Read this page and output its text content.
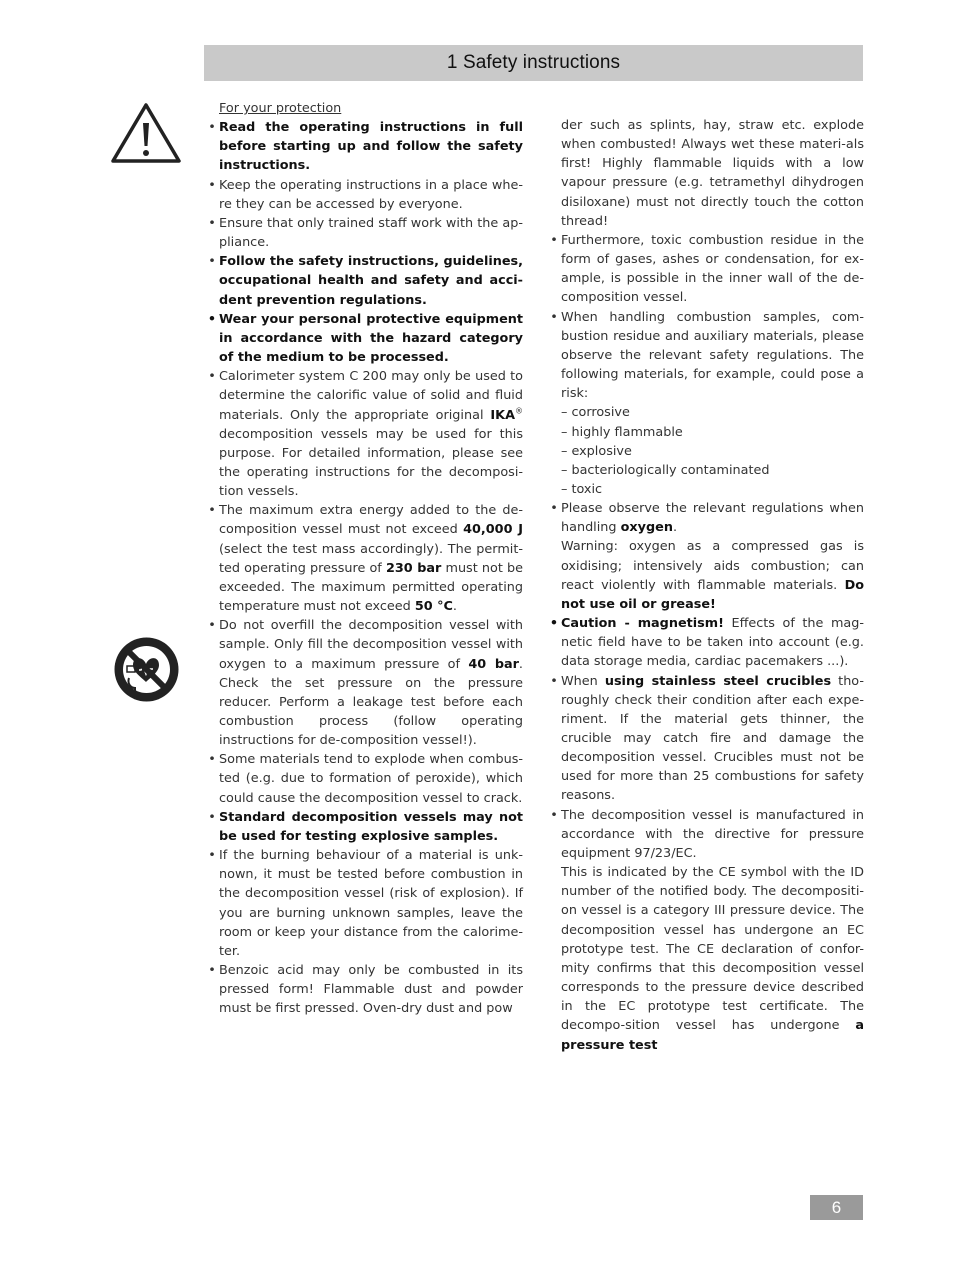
1 Safety instructions
For your protection
• Read the operating instructions in full before starting up and follow the safety instructions.
• Keep the operating instructions in a place whe-re they can be accessed by everyone.
• Ensure that only trained staff work with the ap-pliance.
• Follow the safety instructions, guidelines, occupational health and safety and acci-dent prevention regulations.
• Wear your personal protective equipment in accordance with the hazard category of the medium to be processed.
• Calorimeter system C 200 may only be used to determine the calorific value of solid and fluid materials. Only the appropriate original IKA® decomposition vessels may be used for this purpose. For detailed information, please see the operating instructions for the decomposi-tion vessels.
• The maximum extra energy added to the de-composition vessel must not exceed 40,000 J (select the test mass accordingly). The permit-ted operating pressure of 230 bar must not be exceeded. The maximum permitted operating temperature must not exceed 50 °C.
• Do not overfill the decomposition vessel with sample. Only fill the decomposition vessel with oxygen to a maximum pressure of 40 bar. Check the set pressure on the pressure reducer. Perform a leakage test before each combustion process (follow operating instructions for de-composition vessel!).
• Some materials tend to explode when combus-ted (e.g. due to formation of peroxide), which could cause the decomposition vessel to crack.
• Standard decomposition vessels may not be used for testing explosive samples.
• If the burning behaviour of a material is unk-nown, it must be tested before combustion in the decomposition vessel (risk of explosion). If you are burning unknown samples, leave the room or keep your distance from the calorime-ter.
• Benzoic acid may only be combusted in its pressed form! Flammable dust and powder must be first pressed. Oven-dry dust and pow
der such as splints, hay, straw etc. explode when combusted! Always wet these materi-als first! Highly flammable liquids with a low vapour pressure (e.g. tetramethyl dihydrogen disiloxane) must not directly touch the cotton thread!
• Furthermore, toxic combustion residue in the form of gases, ashes or condensation, for ex-ample, is possible in the inner wall of the de-composition vessel.
• When handling combustion samples, com-bustion residue and auxiliary materials, please observe the relevant safety regulations. The following materials, for example, could pose a risk:
– corrosive
– highly flammable
– explosive
– bacteriologically contaminated
– toxic
• Please observe the relevant regulations when handling oxygen.
Warning: oxygen as a compressed gas is oxidising; intensively aids combustion; can react violently with flammable materials. Do not use oil or grease!
• Caution - magnetism! Effects of the mag-netic field have to be taken into account (e.g. data storage media, cardiac pacemakers ...).
• When using stainless steel crucibles tho-roughly check their condition after each expe-riment. If the material gets thinner, the crucible may catch fire and damage the decomposition vessel. Crucibles must not be used for more than 25 combustions for safety reasons.
• The decomposition vessel is manufactured in accordance with the directive for pressure equipment 97/23/EC.
This is indicated by the CE symbol with the ID number of the notified body. The decompositi-on vessel is a category III pressure device. The decomposition vessel has undergone an EC prototype test. The CE declaration of confor-mity confirms that this decomposition vessel corresponds to the pressure device described in the EC prototype test certificate. The decompo-sition vessel has undergone a pressure test
6
